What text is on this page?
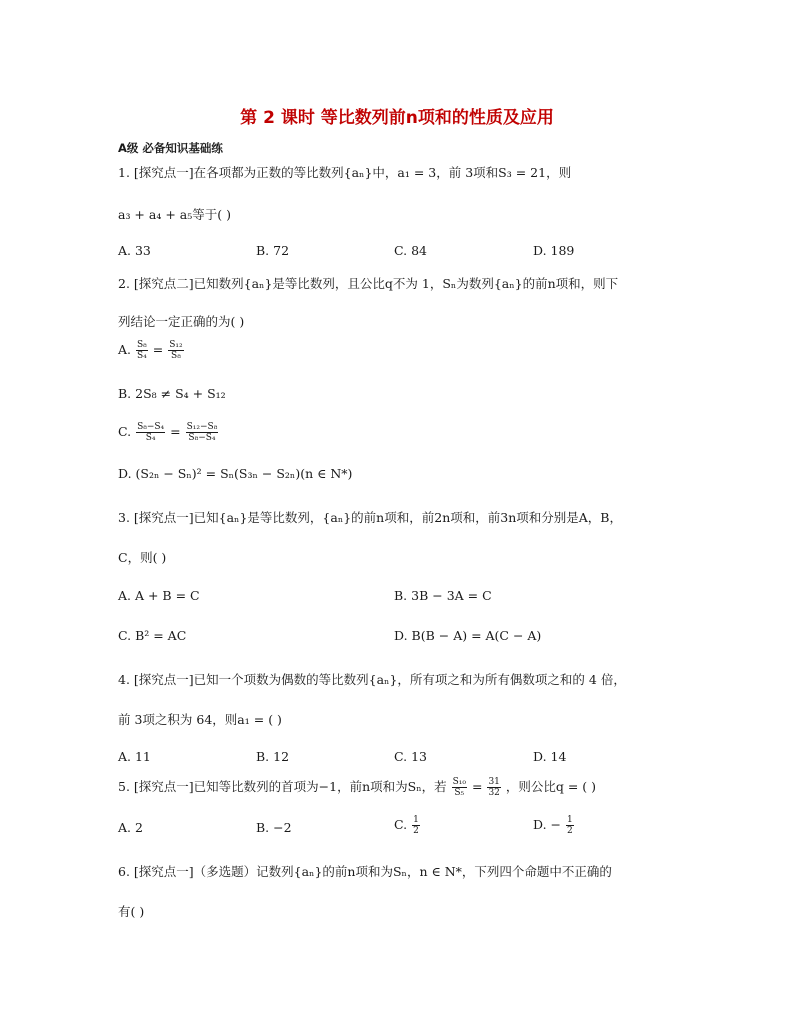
第 2 课时 等比数列前n项和的性质及应用
A级 必备知识基础练
1. [探究点一]在各项都为正数的等比数列{aₙ}中，a₁ = 3，前 3项和S₃ = 21，则
a₃ + a₄ + a₅等于( )
A. 33	B. 72	C. 84	D. 189
2. [探究点二]已知数列{aₙ}是等比数列，且公比q不为 1，Sₙ为数列{aₙ}的前n项和，则下
列结论一定正确的为( )
A. $\frac{\text{S₈}}{\text{S₄}} = \frac{\text{S₁₂}}{\text{S₈}}$
B. 2S₈ ≠ S₄ + S₁₂
C. $\frac{\text{S₈−S₄}}{\text{S₄}} = \frac{\text{S₁₂−S₈}}{\text{S₈−S₄}}$
D. (S₂ₙ − Sₙ)² = Sₙ(S₃ₙ − S₂ₙ)(n ∈ N*)
3. [探究点一]已知{aₙ}是等比数列，{aₙ}的前n项和，前2n项和，前3n项和分别是A，B，
C，则( )
A. A + B = C	B. 3B − 3A = C
C. B² = AC	D. B(B − A) = A(C − A)
4. [探究点一]已知一个项数为偶数的等比数列{aₙ}，所有项之和为所有偶数项之和的 4 倍，
前 3项之积为 64，则a₁ = ( )
A. 11	B. 12	C. 13	D. 14
5. [探究点一]已知等比数列的首项为−1，前n项和为Sₙ，若 $\frac{\text{S₁₀}}{\text{S₅}} = \frac{31}{32}$ ，则公比q = ( )
A. 2	B. −2	C. $\frac{1}{2}$	D. − $\frac{1}{2}$
6. [探究点一]（多选题）记数列{aₙ}的前n项和为Sₙ，n ∈ N*，下列四个命题中不正确的
有( )
